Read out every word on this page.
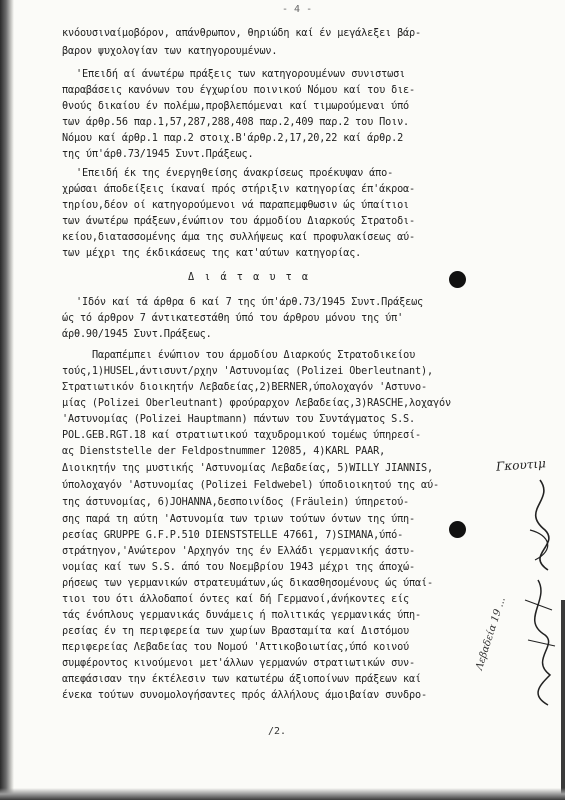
- 4 -
κνόουσιναίμοβόρον, απάνθρωπον, θηριώδη καί έν μεγάλεξει βάρ-
βαρον ψυχολογίαν των κατηγορουμένων.
'Επειδή αί άνωτέρω πράξεις των κατηγορουμένων συνιστωσι
παραβάσεις κανόνων του έγχωρίου ποινικού Νόμου καί του διε-
θνούς δικαίου έν πολέμω,προβλεπόμεναι καί τιμωρούμεναι ύπό
των άρθρ.56 παρ.1,57,287,288,408 παρ.2,409 παρ.2 του Ποιν.
Νόμου καί άρθρ.1 παρ.2 στοιχ.Β'άρθρ.2,17,20,22 καί άρθρ.2
της ύπ'άρθ.73/1945 Συντ.Πράξεως.
'Επειδή έκ της ένεργηθείσης άνακρίσεως προέκυψαν άπο-
χρώσαι άποδείξεις ίκαναί πρός στήριξιν κατηγορίας έπ'άκροα-
τηρίου,δέον οί κατηγορούμενοι νά παραπεμφθωσιν ώς ύπαίτιοι
των άνωτέρω πράξεων,ένώπιον του άρμοδίου Διαρκούς Στρατοδι-
κείου,διατασσομένης άμα της συλλήψεως καί προφυλακίσεως αύ-
των μέχρι της έκδικάσεως της κατ'αύτων κατηγορίας.
Δ ι ά τ α υ τ α
'Ιδόν καί τά άρθρα 6 καί 7 της ύπ'άρθ.73/1945 Συντ.Πράξεως
ώς τό άρθρον 7 άντικατεστάθη ύπό του άρθρου μόνου της ύπ'
άρθ.90/1945 Συντ.Πράξεως.
Παραπέμπει ένώπιον του άρμοδίου Διαρκούς Στρατοδικείου
τούς,1)HUSEL,άντισυντ/ρχην 'Αστυνομίας (Polizei Oberleutnant),
Στρατιωτικόν διοικητήν Λεβαδείας,2)BERNER,ύπολοχαγόν 'Αστυνο-
μίας (Polizei Oberleutnant) φρούραρχον Λεβαδείας,3)RASCHE,λοχαγόν
'Αστυνομίας (Polizei Hauptmann) πάντων του Συντάγματος S.S.
POL.GEB.RGT.18 καί στρατιωτικού ταχυδρομικού τομέως ύπηρεσί-
ας Dienststelle der Feldpostnummer 12085, 4)KARL PAAR,
Διοικητήν της μυστικής 'Αστυνομίας Λεβαδείας, 5)WILLY JIANNIS,
ύπολοχαγόν 'Αστυνομίας (Polizei Feldwebel) ύποδιοικητού της αύ-
της άστυνομίας, 6)JOHANNA,δεσποινίδος (Fräulein) ύπηρετού-
σης παρά τη αύτη 'Αστυνομία των τριων τούτων όντων της ύπη-
ρεσίας GRUPPE G.F.P.510 DIENSTSTELLE 47661, 7)SIMANA,ύπό-
στράτηγον,'Ανώτερον 'Αρχηγόν της έν Ελλάδι γερμανικής άστυ-
νομίας καί των S.S. άπό του Νοεμβρίου 1943 μέχρι της άποχώ-
ρήσεως των γερμανικών στρατευμάτων,ώς δικασθησομένους ώς ύπαί-
τιοι του ότι άλλοδαποί όντες καί δή Γερμανοί,άνήκοντες είς
τάς ένόπλους γερμανικάς δυνάμεις ή πολιτικάς γερμανικάς ύπη-
ρεσίας έν τη περιφερεία των χωρίων Βρασταμίτα καί Διστόμου
περιφερείας Λεβαδείας του Νομού 'Αττικοβοιωτίας,ύπό κοινού
συμφέροντος κινούμενοι μετ'άλλων γερμανών στρατιωτικών συν-
απεφάσισαν την έκτέλεσιν των κατωτέρω άξιοποίνων πράξεων καί
ένεκα τούτων συνομολογήσαντες πρός άλλήλους άμοιβαίαν συνδρο-
Γκουτιμ
Λεβαδεία 19 ...
/2.
